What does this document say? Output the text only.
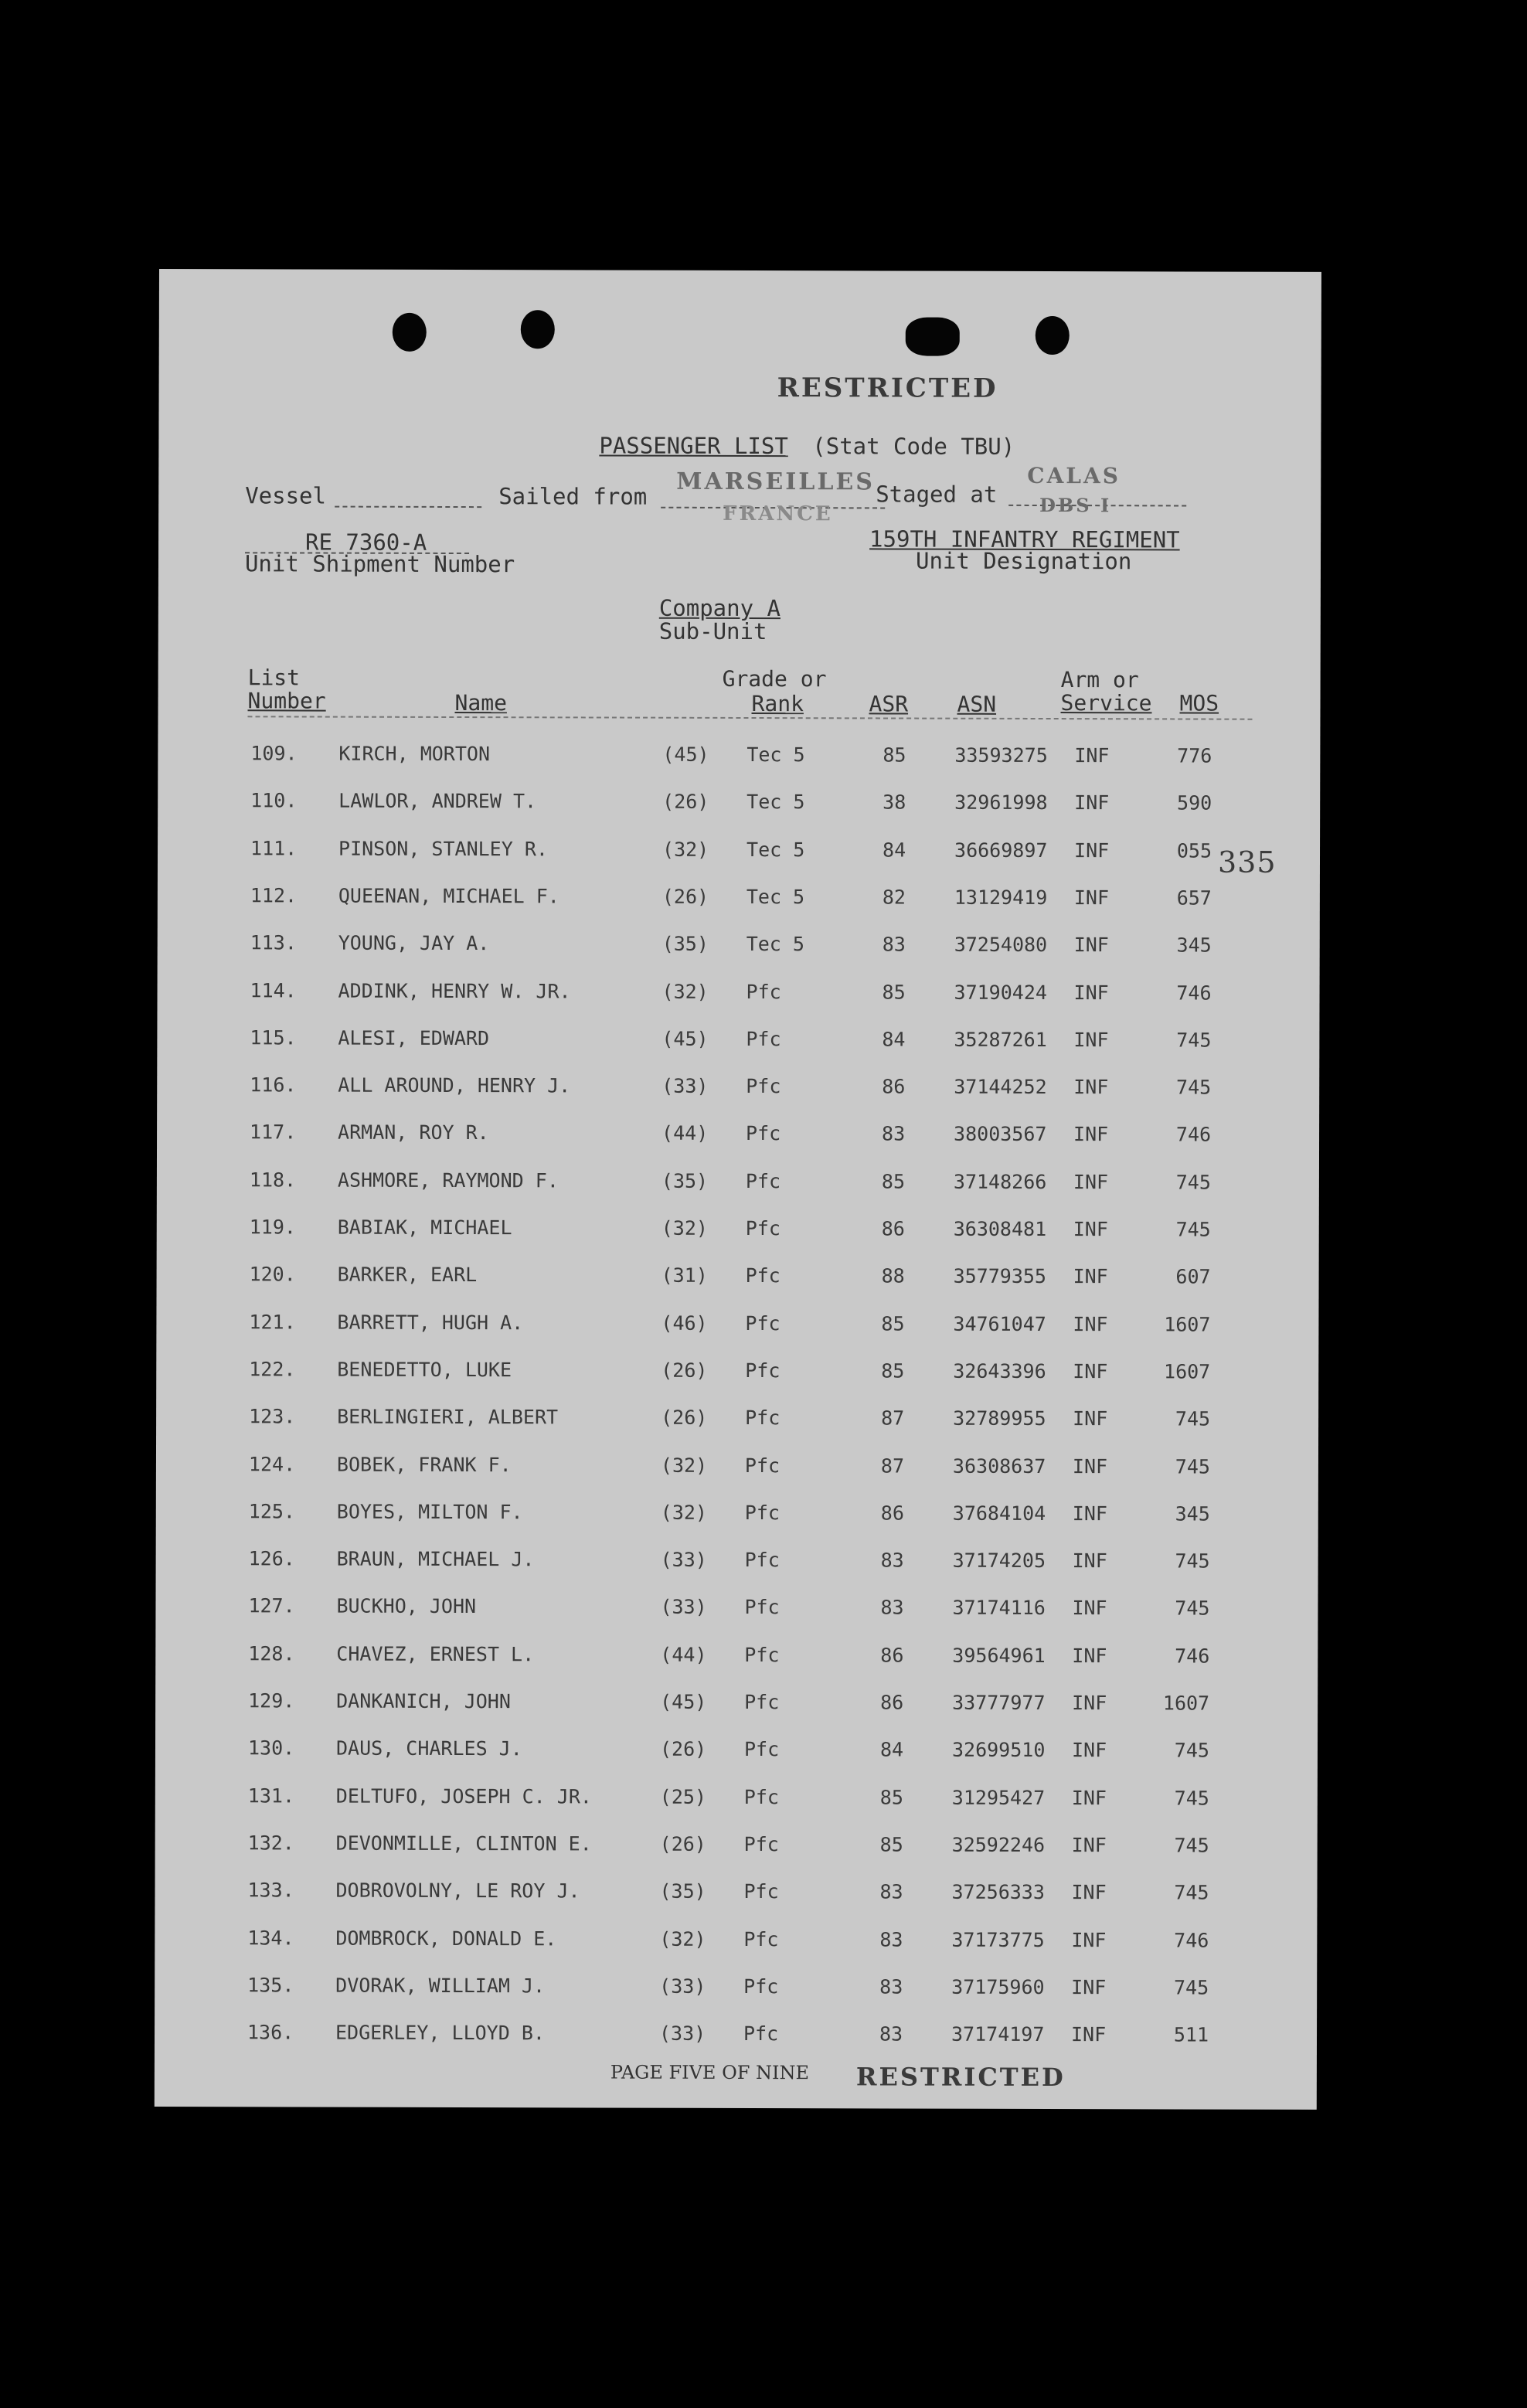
RESTRICTED
PASSENGER LIST (Stat Code TBU)
Vessel	Sailed from
MARSEILLES
FRANCE
Staged at
CALAS
DBS I
RE 7360-A
Unit Shipment Number
159TH INFANTRY REGIMENT
Unit Designation
Company A
Sub-Unit
335
List
Number	Name
Grade or
Rank	ASR ASN
Arm or
Service MOS
109. KIRCH, MORTON	(45) Tec 5	85	33593275 INF	776
110. LAWLOR, ANDREW T.	(26) Tec 5	38	32961998 INF	590
111. PINSON, STANLEY R.	(32) Tec 5	84	36669897 INF	055
112. QUEENAN, MICHAEL F.	(26) Tec 5	82	13129419 INF	657
113. YOUNG, JAY A.	(35) Tec 5	83	37254080 INF	345
114. ADDINK, HENRY W. JR.	(32) Pfc	85	37190424 INF	746
115. ALESI, EDWARD	(45) Pfc	84	35287261 INF	745
116. ALL AROUND, HENRY J.	(33) Pfc	86	37144252 INF	745
117. ARMAN, ROY R.	(44) Pfc	83	38003567 INF	746
118. ASHMORE, RAYMOND F.	(35) Pfc	85	37148266 INF	745
119. BABIAK, MICHAEL	(32) Pfc	86	36308481 INF	745
120. BARKER, EARL	(31) Pfc	88	35779355 INF	607
121. BARRETT, HUGH A.	(46) Pfc	85	34761047 INF	1607
122. BENEDETTO, LUKE	(26) Pfc	85	32643396 INF	1607
123. BERLINGIERI, ALBERT	(26) Pfc	87	32789955 INF	745
124. BOBEK, FRANK F.	(32) Pfc	87	36308637 INF	745
125. BOYES, MILTON F.	(32) Pfc	86	37684104 INF	345
126. BRAUN, MICHAEL J.	(33) Pfc	83	37174205 INF	745
127. BUCKHO, JOHN	(33) Pfc	83	37174116 INF	745
128. CHAVEZ, ERNEST L.	(44) Pfc	86	39564961 INF	746
129. DANKANICH, JOHN	(45) Pfc	86	33777977 INF	1607
130. DAUS, CHARLES J.	(26) Pfc	84	32699510 INF	745
131. DELTUFO, JOSEPH C. JR.	(25) Pfc	85	31295427 INF	745
132. DEVONMILLE, CLINTON E.	(26) Pfc	85	32592246 INF	745
133. DOBROVOLNY, LE ROY J.	(35) Pfc	83	37256333 INF	745
134. DOMBROCK, DONALD E.	(32) Pfc	83	37173775 INF	746
135. DVORAK, WILLIAM J.	(33) Pfc	83	37175960 INF	745
136. EDGERLEY, LLOYD B.	(33) Pfc	83	37174197 INF	511
PAGE FIVE OF NINE RESTRICTED
